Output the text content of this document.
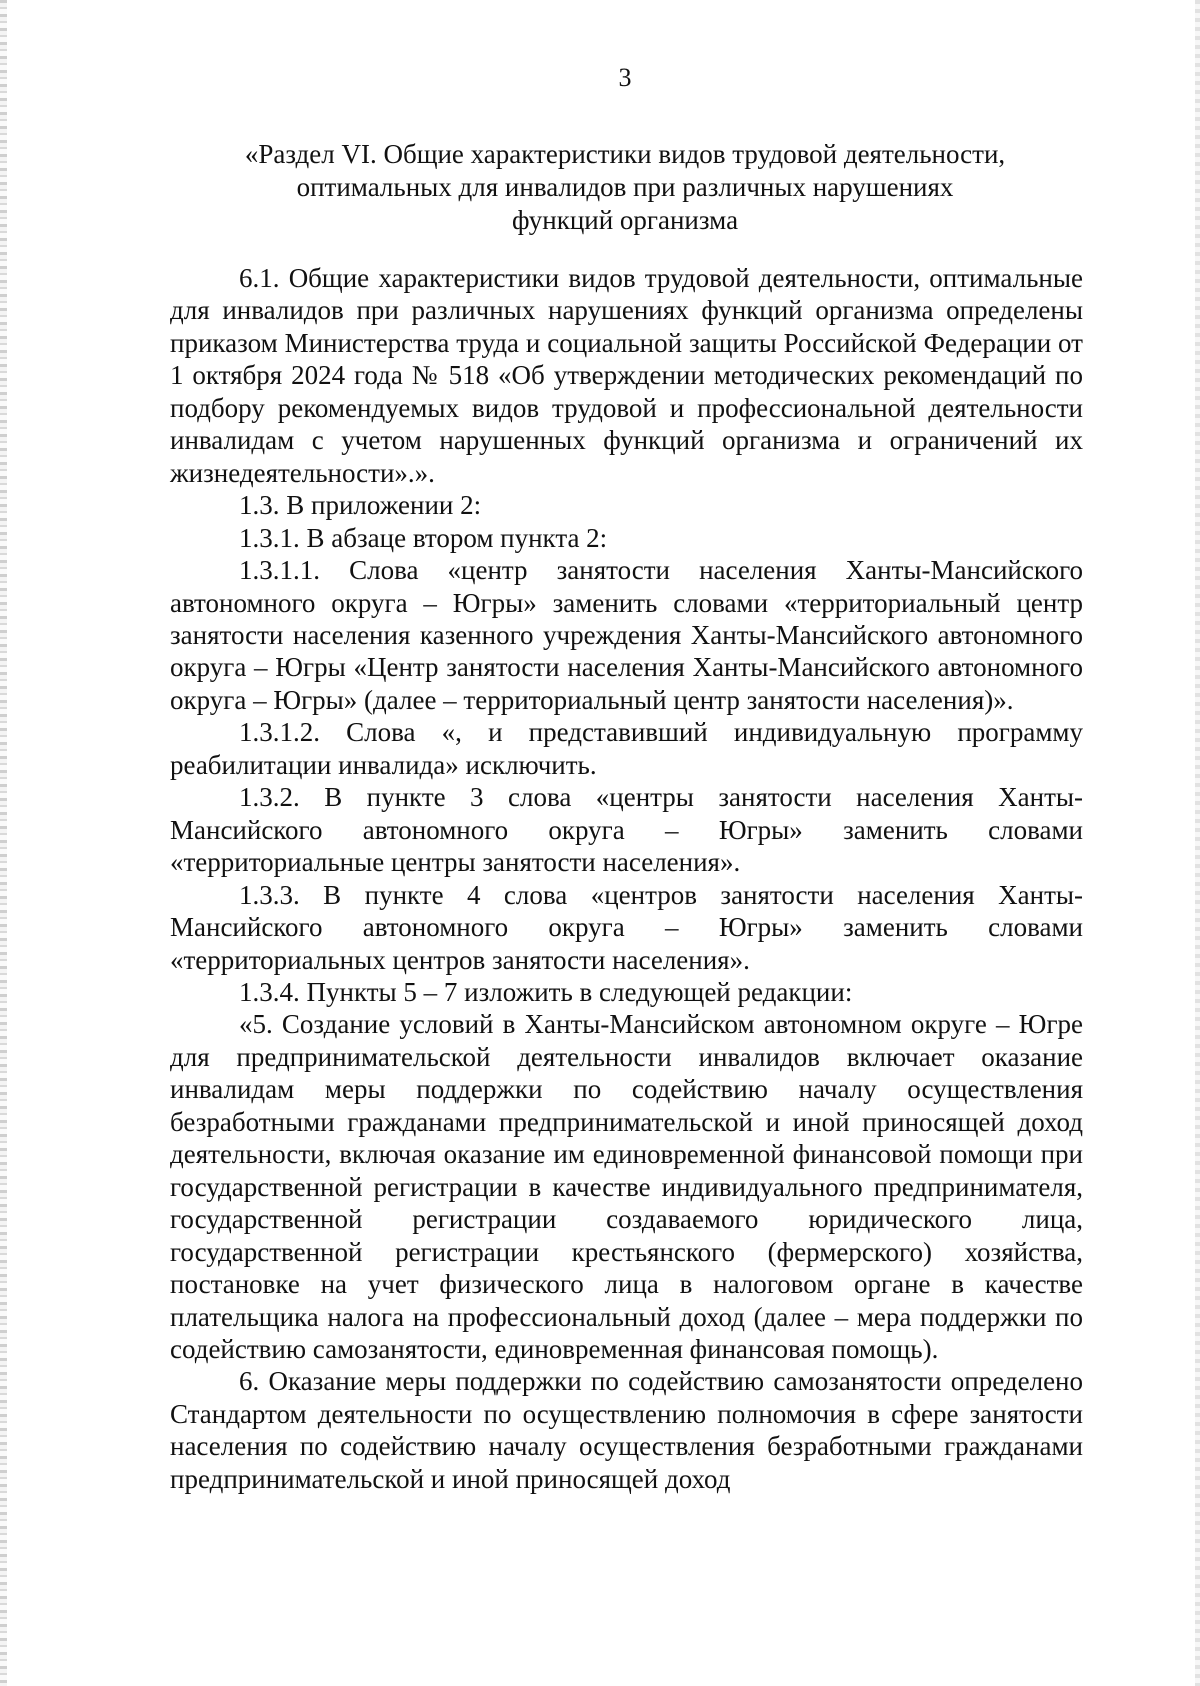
3
«Раздел VI. Общие характеристики видов трудовой деятельности,
оптимальных для инвалидов при различных нарушениях
функций организма

6.1. Общие характеристики видов трудовой деятельности, оптимальные для инвалидов при различных нарушениях функций организма определены приказом Министерства труда и социальной защиты Российской Федерации от 1 октября 2024 года № 518 «Об утверждении методических рекомендаций по подбору рекомендуемых видов трудовой и профессиональной деятельности инвалидам с учетом нарушенных функций организма и ограничений их жизнедеятельности».».

1.3. В приложении 2:

1.3.1. В абзаце втором пункта 2:

1.3.1.1. Слова «центр занятости населения Ханты-Мансийского автономного округа – Югры» заменить словами «территориальный центр занятости населения казенного учреждения Ханты-Мансийского автономного округа – Югры «Центр занятости населения Ханты-Мансийского автономного округа – Югры» (далее – территориальный центр занятости населения)».

1.3.1.2. Слова «, и представивший индивидуальную программу реабилитации инвалида» исключить.

1.3.2. В пункте 3 слова «центры занятости населения Ханты-Мансийского автономного округа – Югры» заменить словами «территориальные центры занятости населения».

1.3.3. В пункте 4 слова «центров занятости населения Ханты-Мансийского автономного округа – Югры» заменить словами «территориальных центров занятости населения».

1.3.4. Пункты 5 – 7 изложить в следующей редакции:

«5. Создание условий в Ханты-Мансийском автономном округе – Югре для предпринимательской деятельности инвалидов включает оказание инвалидам меры поддержки по содействию началу осуществления безработными гражданами предпринимательской и иной приносящей доход деятельности, включая оказание им единовременной финансовой помощи при государственной регистрации в качестве индивидуального предпринимателя, государственной регистрации создаваемого юридического лица, государственной регистрации крестьянского (фермерского) хозяйства, постановке на учет физического лица в налоговом органе в качестве плательщика налога на профессиональный доход (далее – мера поддержки по содействию самозанятости, единовременная финансовая помощь).

6. Оказание меры поддержки по содействию самозанятости определено Стандартом деятельности по осуществлению полномочия в сфере занятости населения по содействию началу осуществления безработными гражданами предпринимательской и иной приносящей доход
